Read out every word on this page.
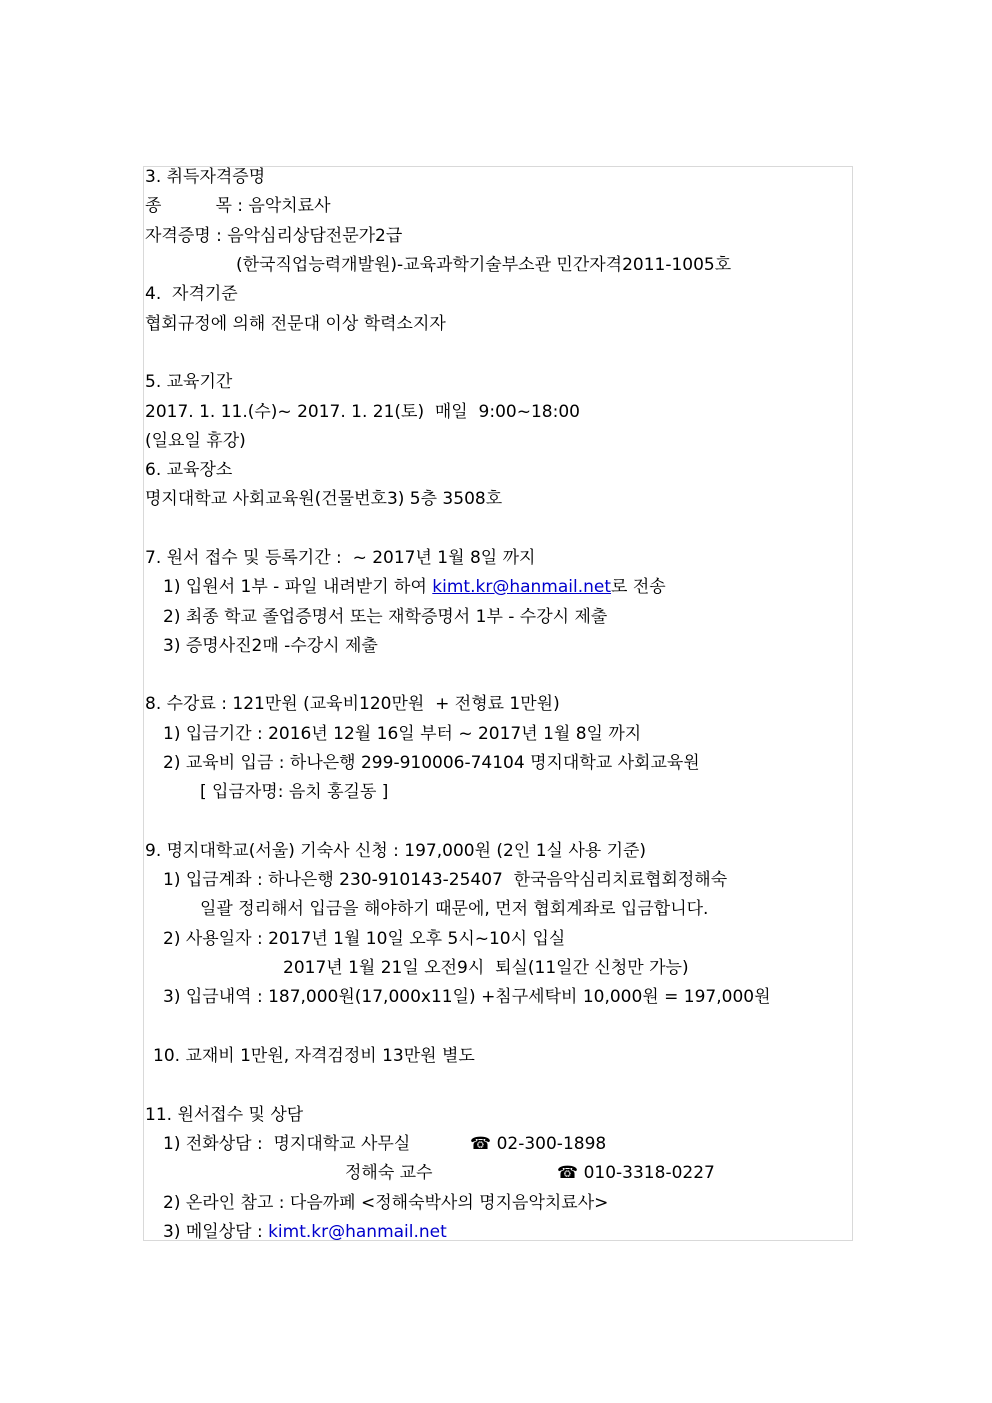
3. 취득자격증명
종          목 : 음악치료사
자격증명 : 음악심리상담전문가2급
(한국직업능력개발원)-교육과학기술부소관 민간자격2011-1005호
4.  자격기준
협회규정에 의해 전문대 이상 학력소지자
5. 교육기간
2017. 1. 11.(수)~ 2017. 1. 21(토)  매일  9:00~18:00
(일요일 휴강)
6. 교육장소
명지대학교 사회교육원(건물번호3) 5층 3508호
7. 원서 접수 및 등록기간 :  ~ 2017년 1월 8일 까지
1) 입원서 1부 - 파일 내려받기 하여 kimt.kr@hanmail.net로 전송
2) 최종 학교 졸업증명서 또는 재학증명서 1부 - 수강시 제출
3) 증명사진2매 -수강시 제출
8. 수강료 : 121만원 (교육비120만원  + 전형료 1만원)
1) 입금기간 : 2016년 12월 16일 부터 ~ 2017년 1월 8일 까지
2) 교육비 입금 : 하나은행 299-910006-74104 명지대학교 사회교육원
[ 입금자명: 음치 홍길동 ]
9. 명지대학교(서울) 기숙사 신청 : 197,000원 (2인 1실 사용 기준)
1) 입금계좌 : 하나은행 230-910143-25407  한국음악심리치료협회정해숙
일괄 정리해서 입금을 해야하기 때문에, 먼저 협회계좌로 입금합니다.
2) 사용일자 : 2017년 1월 10일 오후 5시~10시 입실
2017년 1월 21일 오전9시  퇴실(11일간 신청만 가능)
3) 입금내역 : 187,000원(17,000x11일) +침구세탁비 10,000원 = 197,000원
10. 교재비 1만원, 자격검정비 13만원 별도
11. 원서접수 및 상담
1) 전화상담 :  명지대학교 사무실	☎ 02-300-1898
정해숙 교수	☎ 010-3318-0227
2) 온라인 참고 : 다음까페 <정해숙박사의 명지음악치료사>
3) 메일상담 : kimt.kr@hanmail.net
